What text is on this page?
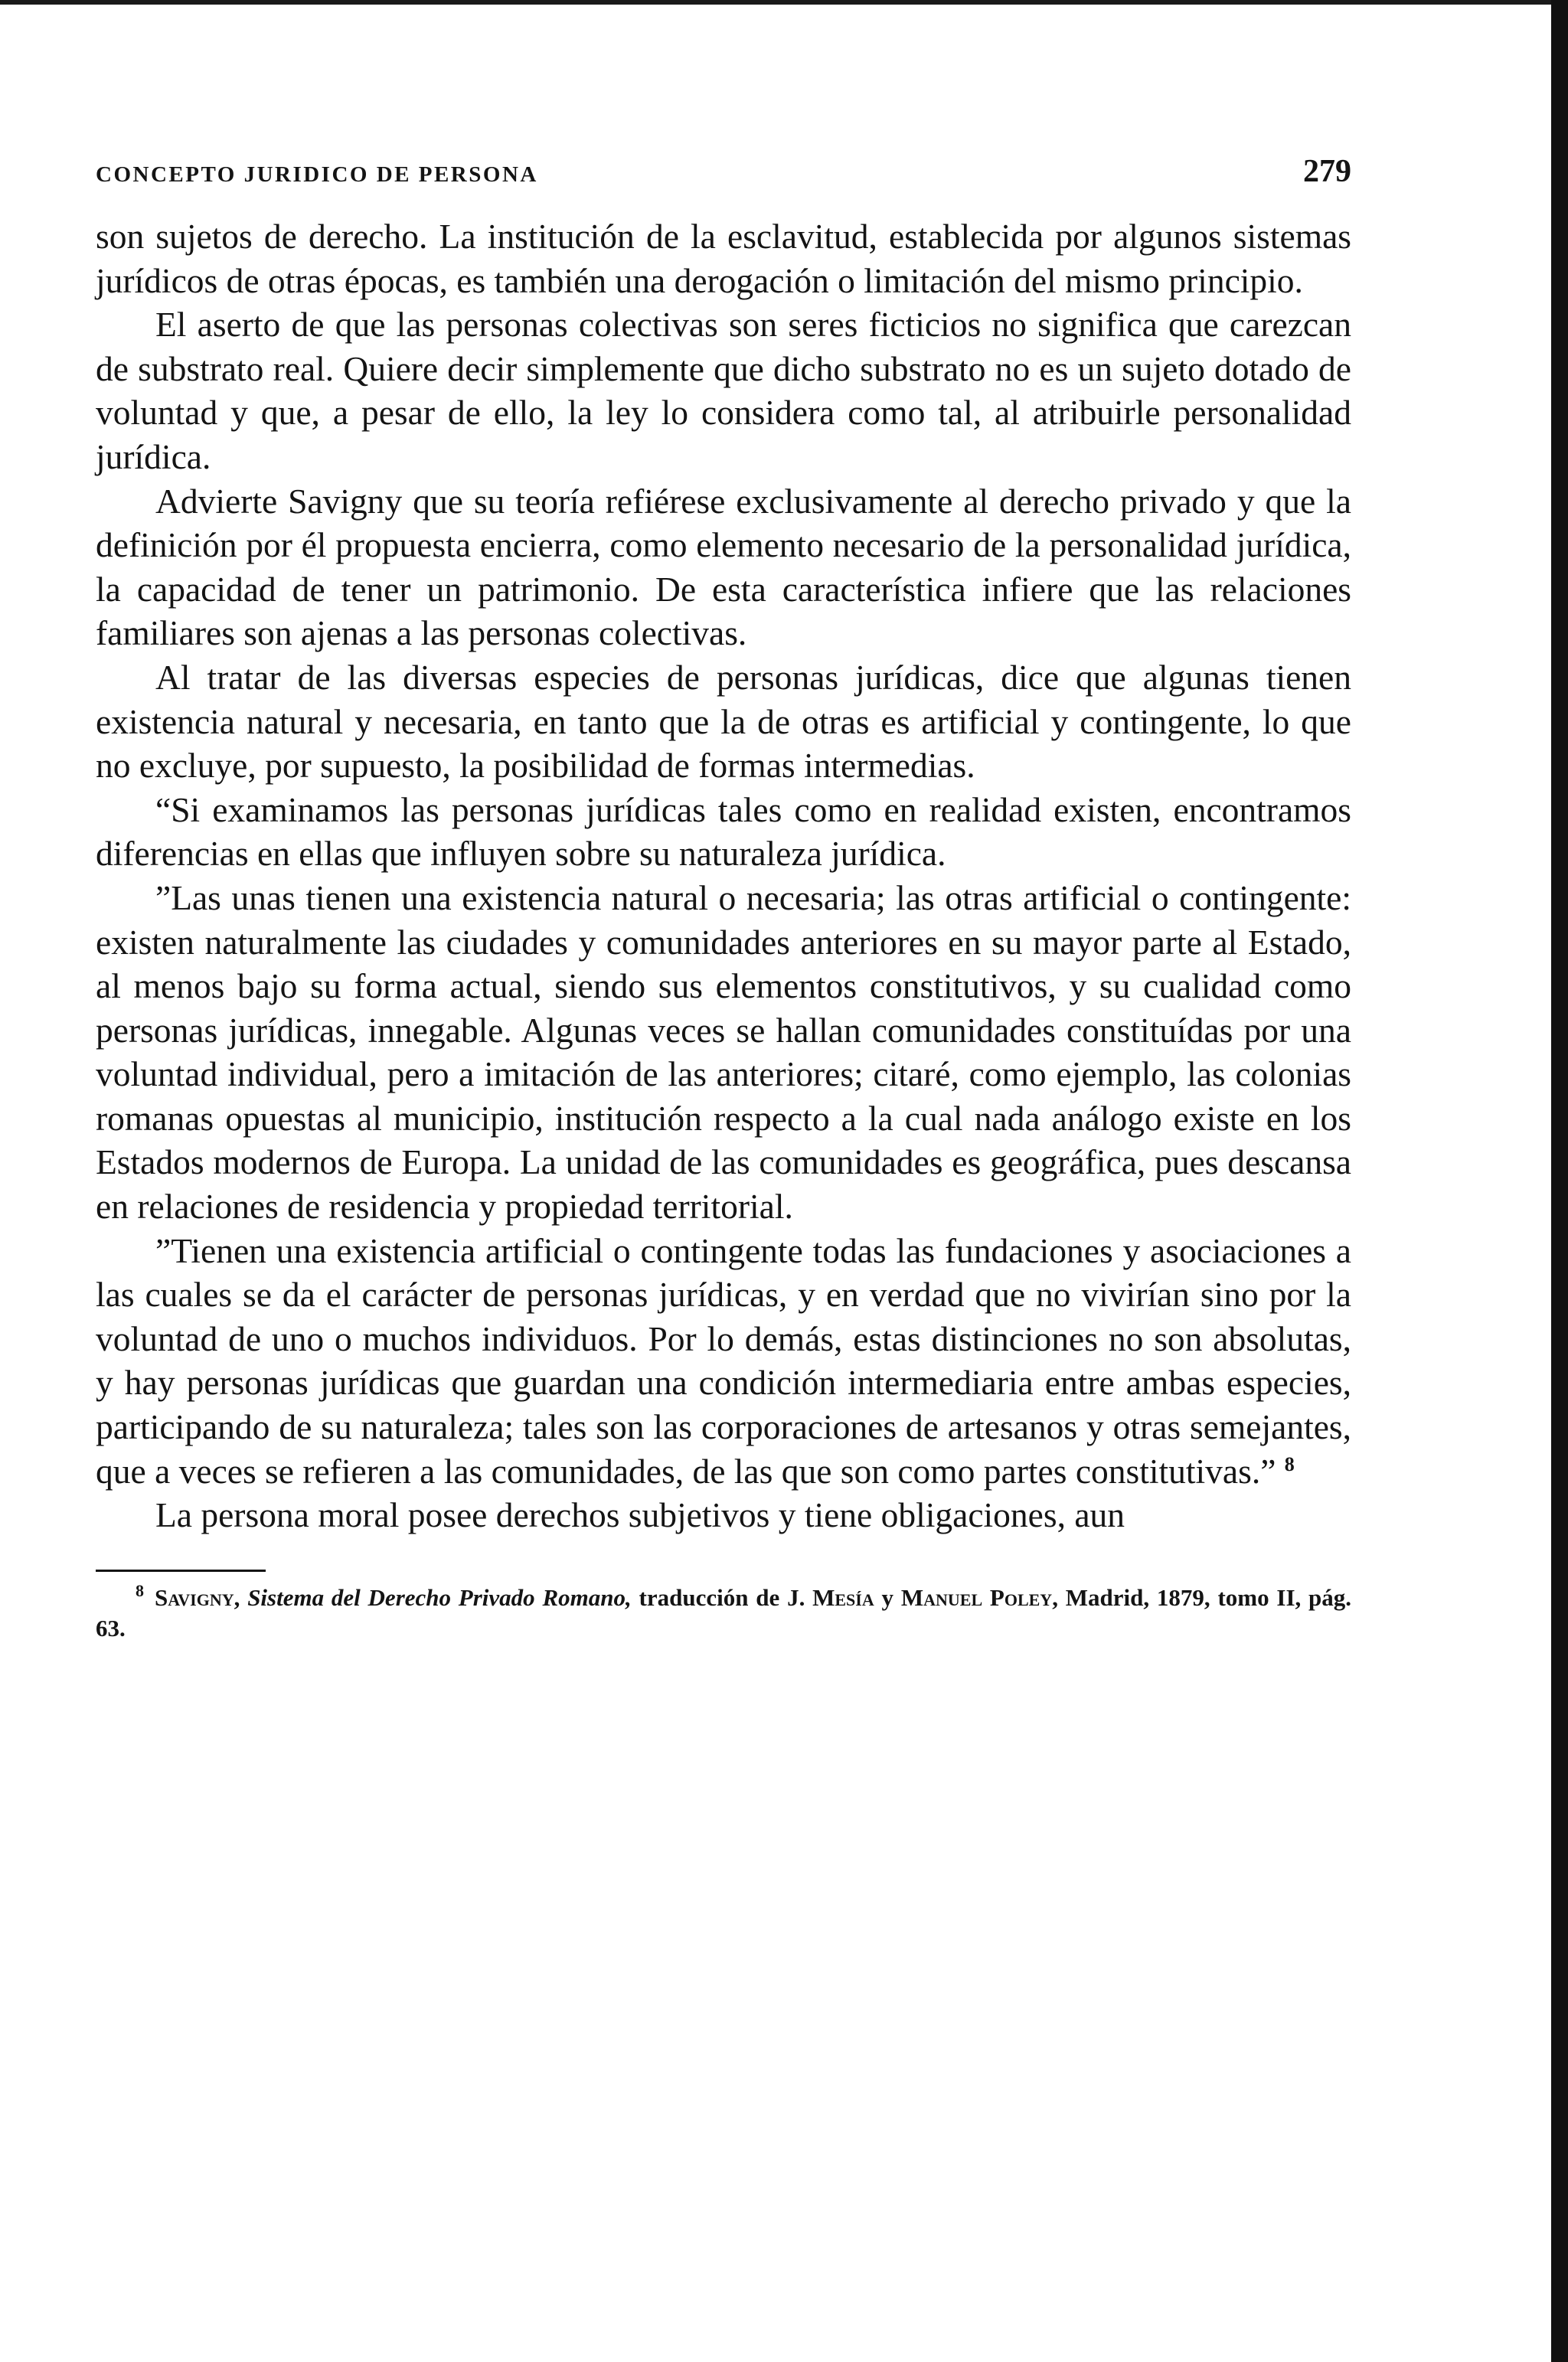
CONCEPTO JURIDICO DE PERSONA	279

son sujetos de derecho. La institución de la esclavitud, establecida por algunos sistemas jurídicos de otras épocas, es también una derogación o limitación del mismo principio.

El aserto de que las personas colectivas son seres ficticios no significa que carezcan de substrato real. Quiere decir simplemente que dicho substrato no es un sujeto dotado de voluntad y que, a pesar de ello, la ley lo considera como tal, al atribuirle personalidad jurídica.

Advierte Savigny que su teoría refiérese exclusivamente al derecho privado y que la definición por él propuesta encierra, como elemento necesario de la personalidad jurídica, la capacidad de tener un patrimonio. De esta característica infiere que las relaciones familiares son ajenas a las personas colectivas.

Al tratar de las diversas especies de personas jurídicas, dice que algunas tienen existencia natural y necesaria, en tanto que la de otras es artificial y contingente, lo que no excluye, por supuesto, la posibilidad de formas intermedias.

“Si examinamos las personas jurídicas tales como en realidad existen, encontramos diferencias en ellas que influyen sobre su naturaleza jurídica.

”Las unas tienen una existencia natural o necesaria; las otras artificial o contingente: existen naturalmente las ciudades y comunidades anteriores en su mayor parte al Estado, al menos bajo su forma actual, siendo sus elementos constitutivos, y su cualidad como personas jurídicas, innegable. Algunas veces se hallan comunidades constituídas por una voluntad individual, pero a imitación de las anteriores; citaré, como ejemplo, las colonias romanas opuestas al municipio, institución respecto a la cual nada análogo existe en los Estados modernos de Europa. La unidad de las comunidades es geográfica, pues descansa en relaciones de residencia y propiedad territorial.

”Tienen una existencia artificial o contingente todas las fundaciones y asociaciones a las cuales se da el carácter de personas jurídicas, y en verdad que no vivirían sino por la voluntad de uno o muchos individuos. Por lo demás, estas distinciones no son absolutas, y hay personas jurídicas que guardan una condición intermediaria entre ambas especies, participando de su naturaleza; tales son las corporaciones de artesanos y otras semejantes, que a veces se refieren a las comunidades, de las que son como partes constitutivas.” $^8$

La persona moral posee derechos subjetivos y tiene obligaciones, aun

$^8$ Savigny, Sistema del Derecho Privado Romano, traducción de J. Mesía y Manuel Poley, Madrid, 1879, tomo II, pág. 63.
